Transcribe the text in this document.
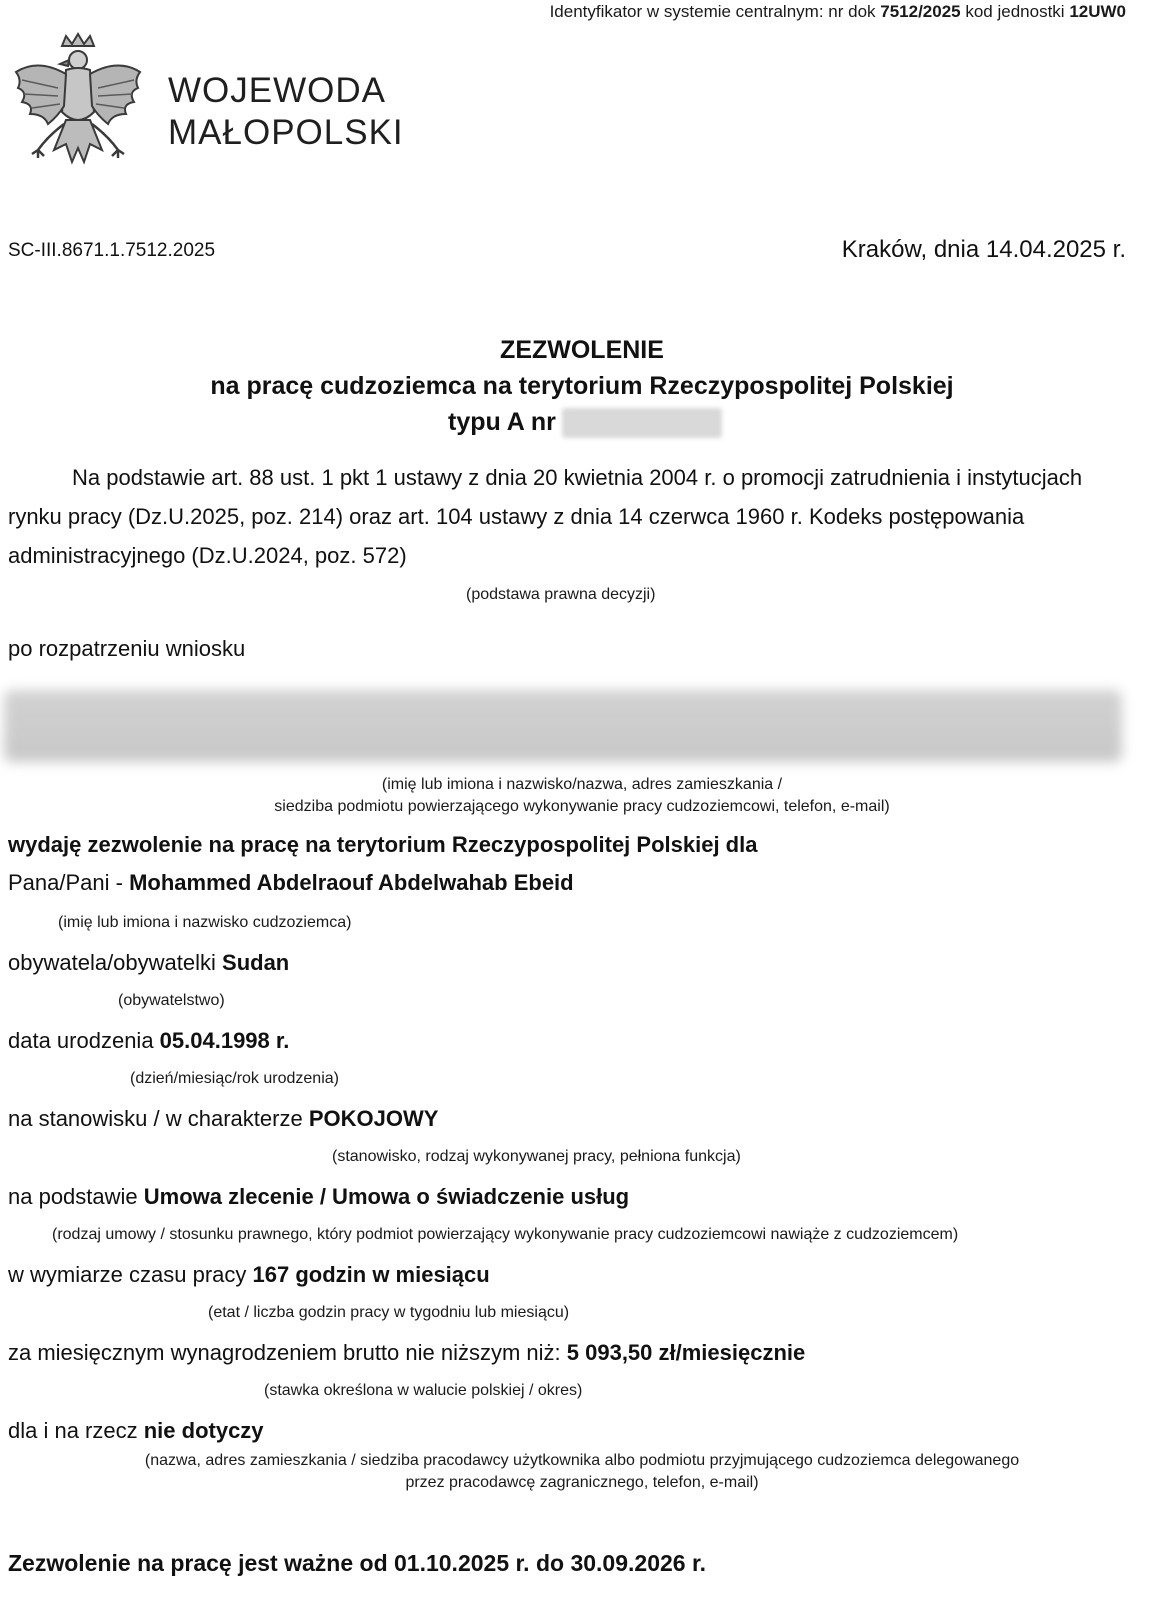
Identyfikator w systemie centralnym: nr dok 7512/2025 kod jednostki 12UW0
WOJEWODA
MAŁOPOLSKI
SC-III.8671.1.7512.2025	Kraków, dnia 14.04.2025 r.
ZEZWOLENIE
na pracę cudzoziemca na terytorium Rzeczypospolitej Polskiej
typu A nr
Na podstawie art. 88 ust. 1 pkt 1 ustawy z dnia 20 kwietnia 2004 r. o promocji zatrudnienia i instytucjach rynku pracy (Dz.U.2025, poz. 214) oraz art. 104 ustawy z dnia 14 czerwca 1960 r. Kodeks postępowania administracyjnego (Dz.U.2024, poz. 572)
(podstawa prawna decyzji)
po rozpatrzeniu wniosku
(imię lub imiona i nazwisko/nazwa, adres zamieszkania /
siedziba podmiotu powierzającego wykonywanie pracy cudzoziemcowi, telefon, e-mail)
wydaję zezwolenie na pracę na terytorium Rzeczypospolitej Polskiej dla
Pana/Pani - Mohammed Abdelraouf Abdelwahab Ebeid
(imię lub imiona i nazwisko cudzoziemca)
obywatela/obywatelki Sudan
(obywatelstwo)
data urodzenia 05.04.1998 r.
(dzień/miesiąc/rok urodzenia)
na stanowisku / w charakterze POKOJOWY
(stanowisko, rodzaj wykonywanej pracy, pełniona funkcja)
na podstawie Umowa zlecenie / Umowa o świadczenie usług
(rodzaj umowy / stosunku prawnego, który podmiot powierzający wykonywanie pracy cudzoziemcowi nawiąże z cudzoziemcem)
w wymiarze czasu pracy 167 godzin w miesiącu
(etat / liczba godzin pracy w tygodniu lub miesiącu)
za miesięcznym wynagrodzeniem brutto nie niższym niż: 5 093,50 zł/miesięcznie
(stawka określona w walucie polskiej / okres)
dla i na rzecz nie dotyczy
(nazwa, adres zamieszkania / siedziba pracodawcy użytkownika albo podmiotu przyjmującego cudzoziemca delegowanego
przez pracodawcę zagranicznego, telefon, e-mail)
Zezwolenie na pracę jest ważne od 01.10.2025 r. do 30.09.2026 r.
